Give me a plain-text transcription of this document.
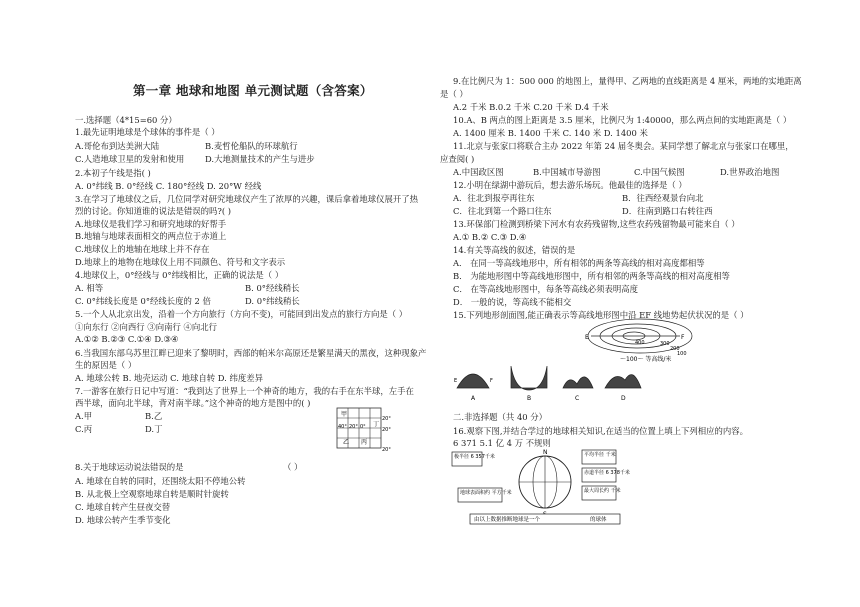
第一章 地球和地图 单元测试题（含答案）
一.选择题（4*15=60 分）
1.最先证明地球是个球体的事件是（ ）
A.哥伦布到达美洲大陆	B.麦哲伦船队的环球航行
C.人造地球卫星的发射和使用 D.大地测量技术的产生与进步
2.本初子午线是指( )
A. 0°纬线 B. 0°经线 C. 180°经线 D. 20°W 经线
3.在学习了地球仪之后，几位同学对研究地球仪产生了浓厚的兴趣，课后拿着地球仪展开了热
烈的讨论。你知道谁的说法是错误的吗?( )
A.地球仪是我们学习和研究地球的好帮手
B.地轴与地球表面相交的两点位于赤道上
C.地球仪上的地轴在地球上并不存在
D.地球上的地物在地球仪上用不同颜色、符号和文字表示
4.地球仪上，0°经线与 0°纬线相比，正确的说法是（ ）
A. 相等	B. 0°经线稍长
C. 0°纬线长度是 0°经线长度的 2 倍	D. 0°纬线稍长
5.一个人从北京出发，沿着一个方向旅行（方向不变)，可能回到出发点的旅行方向是（ ）
①向东行 ②向西行 ③向南行 ④向北行
A.①② B.②③ C.①④ D.③④
6.当我国东部乌苏里江畔已迎来了黎明时，西部的帕米尔高原还是繁星满天的黑夜，这种现象产
生的原因是（ ）
A. 地球公转 B. 地壳运动 C. 地球自转 D. 纬度差异
7.一游客在旅行日记中写道：“我到达了世界上一个神奇的地方，我的右手在东半球，左手在
西半球，面向北半球，背对南半球。”这个神奇的地方是图中的( )
A.甲	B.乙
C.丙	D.丁
8.关于地球运动说法错误的是	（ ）
A. 地球在自转的同时，还围绕太阳不停地公转
B. 从北极上空观察地球自转是顺时针旋转
C. 地球自转产生昼夜交替
D. 地球公转产生季节变化
9.在比例尺为 1：500 000 的地图上，量得甲、乙两地的直线距离是 4 厘米，两地的实地距离
是（ ）
A.2 千米 B.0.2 千米 C.20 千米 D.4 千米
10.A、B 两点的图上距离是 3.5 厘米，比例尺为 1:40000，那么两点间的实地距离是（ ）
A. 1400 厘米 B. 1400 千米 C. 140 米 D. 1400 米
11.北京与张家口将联合主办 2022 年第 24 届冬奥会。某同学想了解北京与张家口在哪里，
应查阅( )
A.中国政区图	B.中国城市导游图	C.中国气候图	D.世界政治地图
12.小明在绿湖中游玩后，想去游乐场玩。他最佳的选择是（ ）
A．往北到报亭再往东	B．往西经观景台向北
C．往北到第一个路口往东	D．往南到路口右转往西
13.环保部门检测到桥梁下河水有农药残留物,这些农药残留物最可能来自（ ）
A.① B.② C.③ D.④
14.有关等高线的叙述，错误的是
A． 在同一等高线地形中，所有相邻的两条等高线的相对高度都相等
B． 为能地形图中等高线地形图中，所有相邻的两条等高线的相对高度相等
C． 在等高线地形图中，每条等高线必须表明高度
D． 一般的说，等高线不能相交
15.下列地形剖面图,能正确表示等高线地形图中沿 EF 线地势起伏状况的是（ ）
二.非选择题（共 40 分）
16.观察下图,并结合学过的地球相关知识,在适当的位置上填上下列相应的内容。
6 371 5.1 亿 4 万 不规则
20°
20°
20°
40° 20° 0°
甲
乙 丙
丁
E	F
400	300
200
100
〜100〜 等高线/米
A	B	C	D
E	F
N
极半径 6 357千米	平均半径 千米
赤道半径 6 378千米
最大周长约 千米
地球表面积约 平方千米
由以上数据推断地球是一个	的球体
